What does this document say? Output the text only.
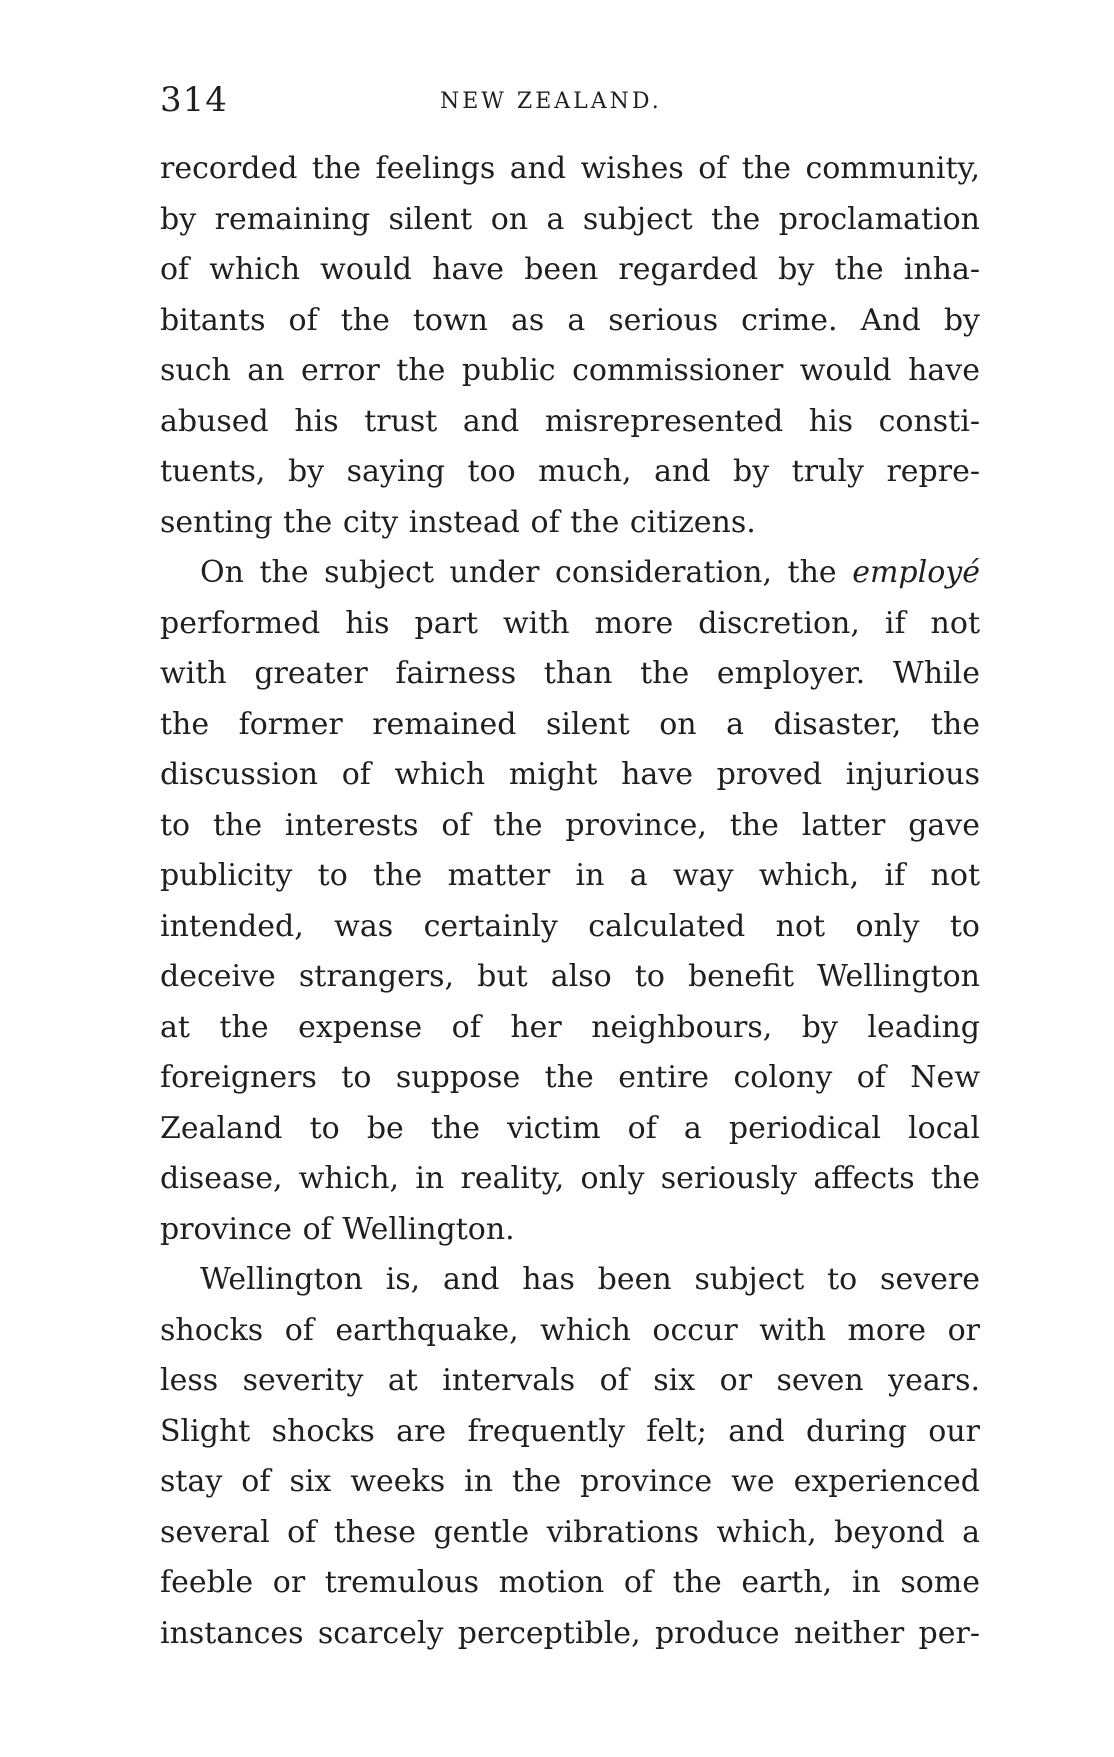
314	NEW ZEALAND.
recorded the feelings and wishes of the community,
by remaining silent on a subject the proclamation
of which would have been regarded by the inha-
bitants of the town as a serious crime. And by
such an error the public commissioner would have
abused his trust and misrepresented his consti-
tuents, by saying too much, and by truly repre-
senting the city instead of the citizens.
On the subject under consideration, the employé
performed his part with more discretion, if not
with greater fairness than the employer. While
the former remained silent on a disaster, the
discussion of which might have proved injurious
to the interests of the province, the latter gave
publicity to the matter in a way which, if not
intended, was certainly calculated not only to
deceive strangers, but also to benefit Wellington
at the expense of her neighbours, by leading
foreigners to suppose the entire colony of New
Zealand to be the victim of a periodical local
disease, which, in reality, only seriously affects the
province of Wellington.
Wellington is, and has been subject to severe
shocks of earthquake, which occur with more or
less severity at intervals of six or seven years.
Slight shocks are frequently felt; and during our
stay of six weeks in the province we experienced
several of these gentle vibrations which, beyond a
feeble or tremulous motion of the earth, in some
instances scarcely perceptible, produce neither per-
